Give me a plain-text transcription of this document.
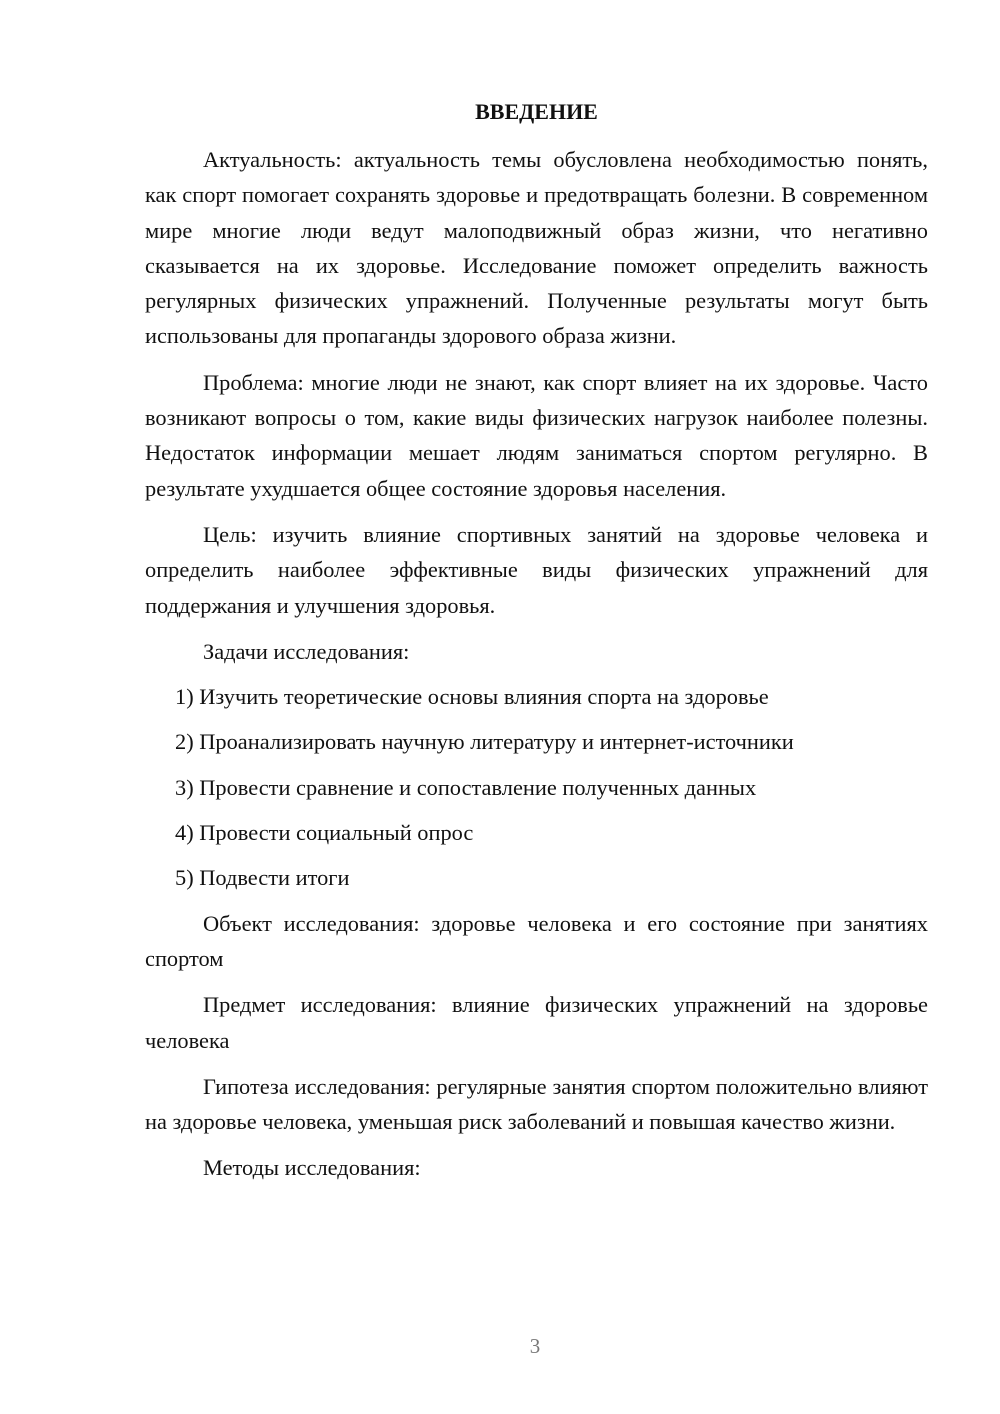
ВВЕДЕНИЕ

Актуальность: актуальность темы обусловлена необходимостью понять, как спорт помогает сохранять здоровье и предотвращать болезни. В современном мире многие люди ведут малоподвижный образ жизни, что негативно сказывается на их здоровье. Исследование поможет определить важность регулярных физических упражнений. Полученные результаты могут быть использованы для пропаганды здорового образа жизни.

Проблема: многие люди не знают, как спорт влияет на их здоровье. Часто возникают вопросы о том, какие виды физических нагрузок наиболее полезны. Недостаток информации мешает людям заниматься спортом регулярно. В результате ухудшается общее состояние здоровья населения.

Цель: изучить влияние спортивных занятий на здоровье человека и определить наиболее эффективные виды физических упражнений для поддержания и улучшения здоровья.

Задачи исследования:

1) Изучить теоретические основы влияния спорта на здоровье
2) Проанализировать научную литературу и интернет-источники
3) Провести сравнение и сопоставление полученных данных
4) Провести социальный опрос
5) Подвести итоги

Объект исследования: здоровье человека и его состояние при занятиях спортом

Предмет исследования: влияние физических упражнений на здоровье человека

Гипотеза исследования: регулярные занятия спортом положительно влияют на здоровье человека, уменьшая риск заболеваний и повышая качество жизни.

Методы исследования:

3
